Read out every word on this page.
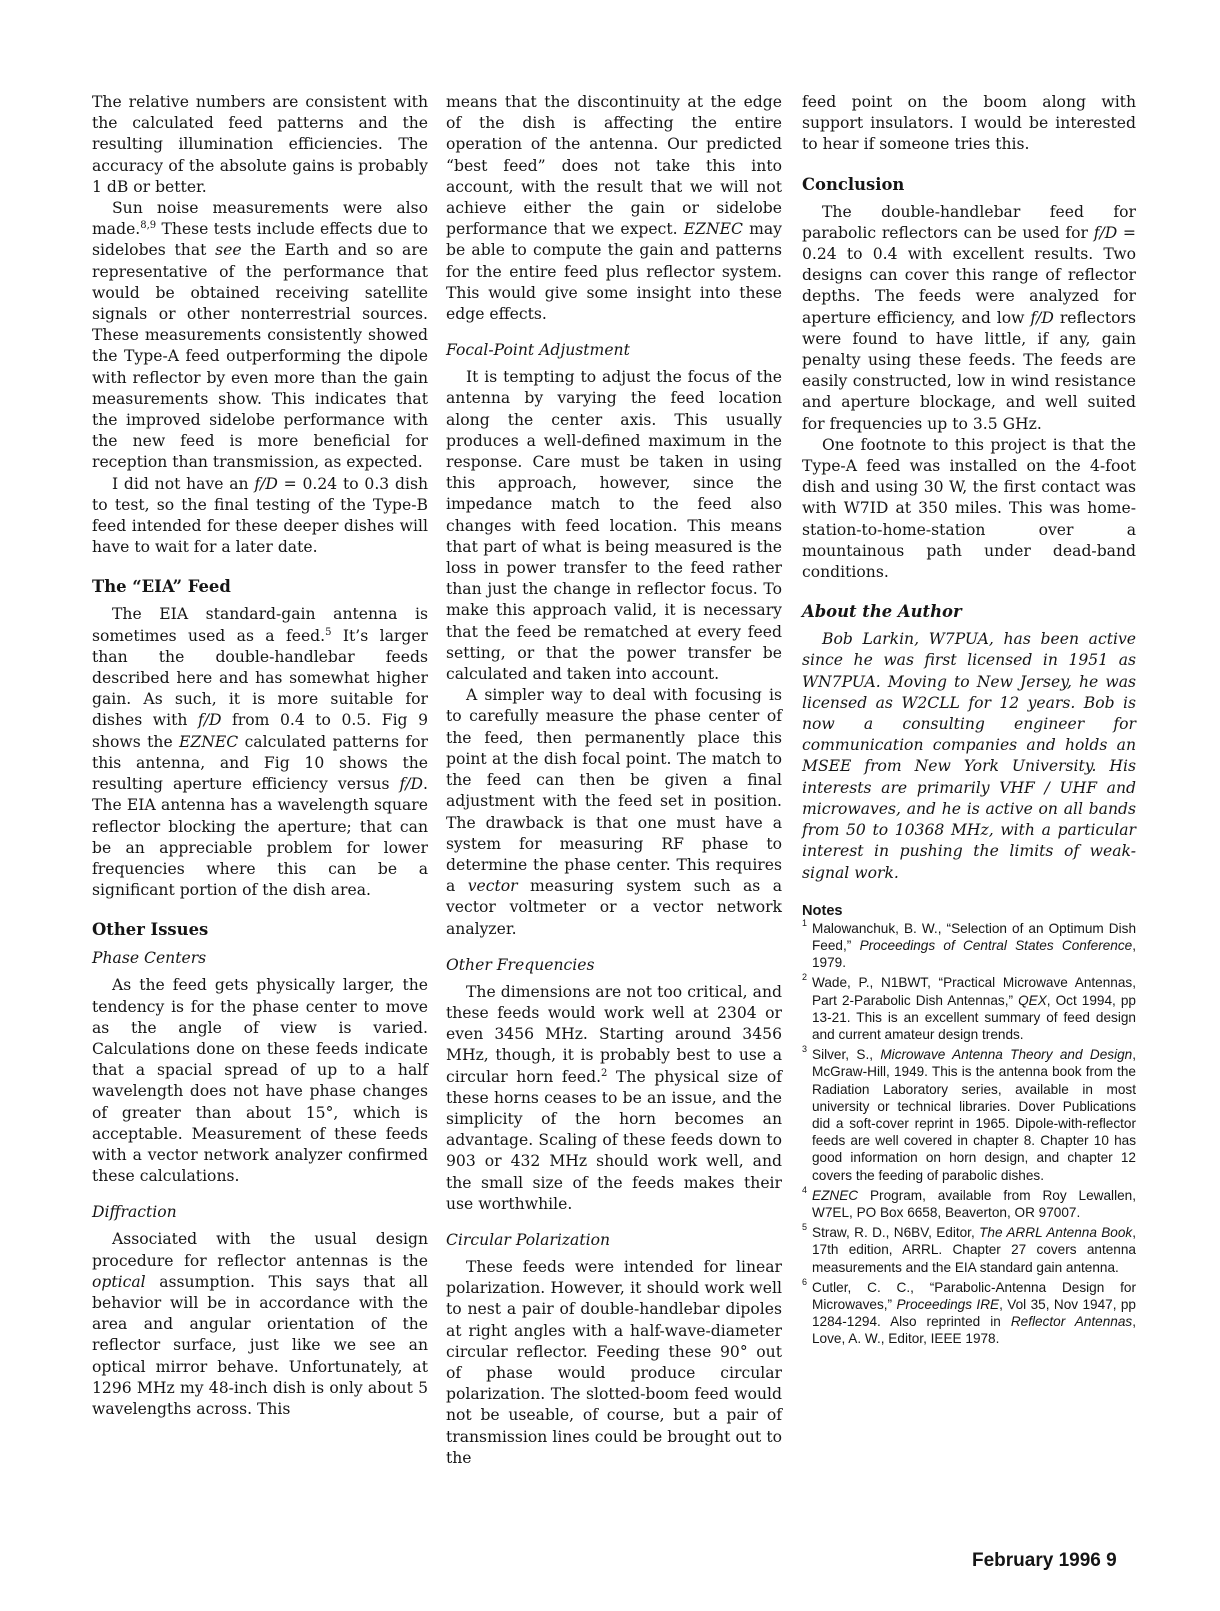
The relative numbers are consistent with the calculated feed patterns and the resulting illumination efficiencies. The accuracy of the absolute gains is probably 1 dB or better.

Sun noise measurements were also made.$^{8,9}$ These tests include effects due to sidelobes that see the Earth and so are representative of the performance that would be obtained receiving satellite signals or other nonterrestrial sources. These measurements consistently showed the Type-A feed outperforming the dipole with reflector by even more than the gain measurements show. This indicates that the improved sidelobe performance with the new feed is more beneficial for reception than transmission, as expected.

I did not have an f/D = 0.24 to 0.3 dish to test, so the final testing of the Type-B feed intended for these deeper dishes will have to wait for a later date.

The “EIA” Feed

The EIA standard-gain antenna is sometimes used as a feed.$^5$ It’s larger than the double-handlebar feeds described here and has somewhat higher gain. As such, it is more suitable for dishes with f/D from 0.4 to 0.5. Fig 9 shows the EZNEC calculated patterns for this antenna, and Fig 10 shows the resulting aperture efficiency versus f/D. The EIA antenna has a wavelength square reflector blocking the aperture; that can be an appreciable problem for lower frequencies where this can be a significant portion of the dish area.

Other Issues
Phase Centers

As the feed gets physically larger, the tendency is for the phase center to move as the angle of view is varied. Calculations done on these feeds indicate that a spacial spread of up to a half wavelength does not have phase changes of greater than about 15°, which is acceptable. Measurement of these feeds with a vector network analyzer confirmed these calculations.

Diffraction

Associated with the usual design procedure for reflector antennas is the optical assumption. This says that all behavior will be in accordance with the area and angular orientation of the reflector surface, just like we see an optical mirror behave. Unfortunately, at 1296 MHz my 48-inch dish is only about 5 wavelengths across. This

means that the discontinuity at the edge of the dish is affecting the entire operation of the antenna. Our predicted “best feed” does not take this into account, with the result that we will not achieve either the gain or sidelobe performance that we expect. EZNEC may be able to compute the gain and patterns for the entire feed plus reflector system. This would give some insight into these edge effects.

Focal-Point Adjustment

It is tempting to adjust the focus of the antenna by varying the feed location along the center axis. This usually produces a well-defined maximum in the response. Care must be taken in using this approach, however, since the impedance match to the feed also changes with feed location. This means that part of what is being measured is the loss in power transfer to the feed rather than just the change in reflector focus. To make this approach valid, it is necessary that the feed be rematched at every feed setting, or that the power transfer be calculated and taken into account.

A simpler way to deal with focusing is to carefully measure the phase center of the feed, then permanently place this point at the dish focal point. The match to the feed can then be given a final adjustment with the feed set in position. The drawback is that one must have a system for measuring RF phase to determine the phase center. This requires a vector measuring system such as a vector voltmeter or a vector network analyzer.

Other Frequencies

The dimensions are not too critical, and these feeds would work well at 2304 or even 3456 MHz. Starting around 3456 MHz, though, it is probably best to use a circular horn feed.$^2$ The physical size of these horns ceases to be an issue, and the simplicity of the horn becomes an advantage. Scaling of these feeds down to 903 or 432 MHz should work well, and the small size of the feeds makes their use worthwhile.

Circular Polarization

These feeds were intended for linear polarization. However, it should work well to nest a pair of double-handlebar dipoles at right angles with a half-wave-diameter circular reflector. Feeding these 90° out of phase would produce circular polarization. The slotted-boom feed would not be useable, of course, but a pair of transmission lines could be brought out to the

feed point on the boom along with support insulators. I would be interested to hear if someone tries this.

Conclusion

The double-handlebar feed for parabolic reflectors can be used for f/D = 0.24 to 0.4 with excellent results. Two designs can cover this range of reflector depths. The feeds were analyzed for aperture efficiency, and low f/D reflectors were found to have little, if any, gain penalty using these feeds. The feeds are easily constructed, low in wind resistance and aperture blockage, and well suited for frequencies up to 3.5 GHz.

One footnote to this project is that the Type-A feed was installed on the 4-foot dish and using 30 W, the first contact was with W7ID at 350 miles. This was home-station-to-home-station over a mountainous path under dead-band conditions.

About the Author

Bob Larkin, W7PUA, has been active since he was first licensed in 1951 as WN7PUA. Moving to New Jersey, he was licensed as W2CLL for 12 years. Bob is now a consulting engineer for communication companies and holds an MSEE from New York University. His interests are primarily VHF / UHF and microwaves, and he is active on all bands from 50 to 10368 MHz, with a particular interest in pushing the limits of weak-signal work.

Notes
1 Malowanchuk, B. W., “Selection of an Optimum Dish Feed,” Proceedings of Central States Conference, 1979.
2 Wade, P., N1BWT, “Practical Microwave Antennas, Part 2-Parabolic Dish Antennas,” QEX, Oct 1994, pp 13-21. This is an excellent summary of feed design and current amateur design trends.
3 Silver, S., Microwave Antenna Theory and Design, McGraw-Hill, 1949. This is the antenna book from the Radiation Laboratory series, available in most university or technical libraries. Dover Publications did a soft-cover reprint in 1965. Dipole-with-reflector feeds are well covered in chapter 8. Chapter 10 has good information on horn design, and chapter 12 covers the feeding of parabolic dishes.
4 EZNEC Program, available from Roy Lewallen, W7EL, PO Box 6658, Beaverton, OR 97007.
5 Straw, R. D., N6BV, Editor, The ARRL Antenna Book, 17th edition, ARRL. Chapter 27 covers antenna measurements and the EIA standard gain antenna.
6 Cutler, C. C., “Parabolic-Antenna Design for Microwaves,” Proceedings IRE, Vol 35, Nov 1947, pp 1284-1294. Also reprinted in Reflector Antennas, Love, A. W., Editor, IEEE 1978.
February 1996 9
